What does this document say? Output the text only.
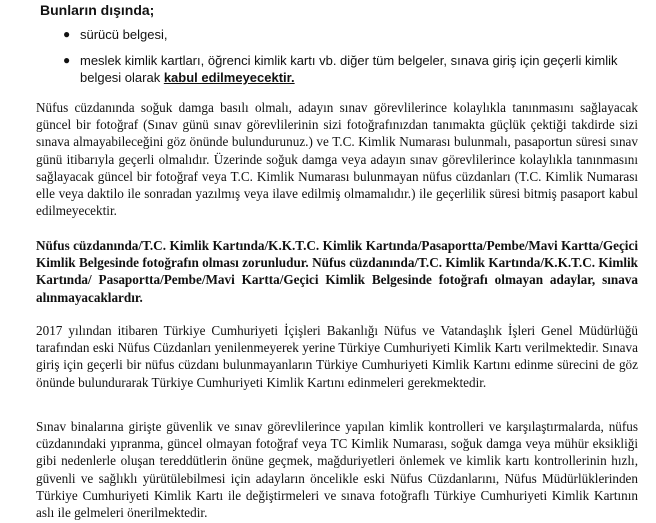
Bunların dışında;
● sürücü belgesi,
● meslek kimlik kartları, öğrenci kimlik kartı vb. diğer tüm belgeler, sınava giriş için geçerli kimlik belgesi olarak kabul edilmeyecektir.

Nüfus cüzdanında soğuk damga basılı olmalı, adayın sınav görevlilerince kolaylıkla tanınmasını sağlayacak güncel bir fotoğraf (Sınav günü sınav görevlilerinin sizi fotoğrafınızdan tanımakta güçlük çektiği takdirde sizi sınava almayabileceğini göz önünde bulundurunuz.) ve T.C. Kimlik Numarası bulunmalı, pasaportun süresi sınav günü itibarıyla geçerli olmalıdır. Üzerinde soğuk damga veya adayın sınav görevlilerince kolaylıkla tanınmasını sağlayacak güncel bir fotoğraf veya T.C. Kimlik Numarası bulunmayan nüfus cüzdanları (T.C. Kimlik Numarası elle veya daktilo ile sonradan yazılmış veya ilave edilmiş olmamalıdır.) ile geçerlilik süresi bitmiş pasaport kabul edilmeyecektir.

Nüfus cüzdanında/T.C. Kimlik Kartında/K.K.T.C. Kimlik Kartında/Pasaportta/Pembe/Mavi Kartta/Geçici Kimlik Belgesinde fotoğrafın olması zorunludur. Nüfus cüzdanında/T.C. Kimlik Kartında/K.K.T.C. Kimlik Kartında/ Pasaportta/Pembe/Mavi Kartta/Geçici Kimlik Belgesinde fotoğrafı olmayan adaylar, sınava alınmayacaklardır.

2017 yılından itibaren Türkiye Cumhuriyeti İçişleri Bakanlığı Nüfus ve Vatandaşlık İşleri Genel Müdürlüğü tarafından eski Nüfus Cüzdanları yenilenmeyerek yerine Türkiye Cumhuriyeti Kimlik Kartı verilmektedir. Sınava giriş için geçerli bir nüfus cüzdanı bulunmayanların Türkiye Cumhuriyeti Kimlik Kartını edinme sürecini de göz önünde bulundurarak Türkiye Cumhuriyeti Kimlik Kartını edinmeleri gerekmektedir.

Sınav binalarına girişte güvenlik ve sınav görevlilerince yapılan kimlik kontrolleri ve karşılaştırmalarda, nüfus cüzdanındaki yıpranma, güncel olmayan fotoğraf veya TC Kimlik Numarası, soğuk damga veya mühür eksikliği gibi nedenlerle oluşan tereddütlerin önüne geçmek, mağduriyetleri önlemek ve kimlik kartı kontrollerinin hızlı, güvenli ve sağlıklı yürütülebilmesi için adayların öncelikle eski Nüfus Cüzdanlarını, Nüfus Müdürlüklerinden Türkiye Cumhuriyeti Kimlik Kartı ile değiştirmeleri ve sınava fotoğraflı Türkiye Cumhuriyeti Kimlik Kartının aslı ile gelmeleri önerilmektedir.
